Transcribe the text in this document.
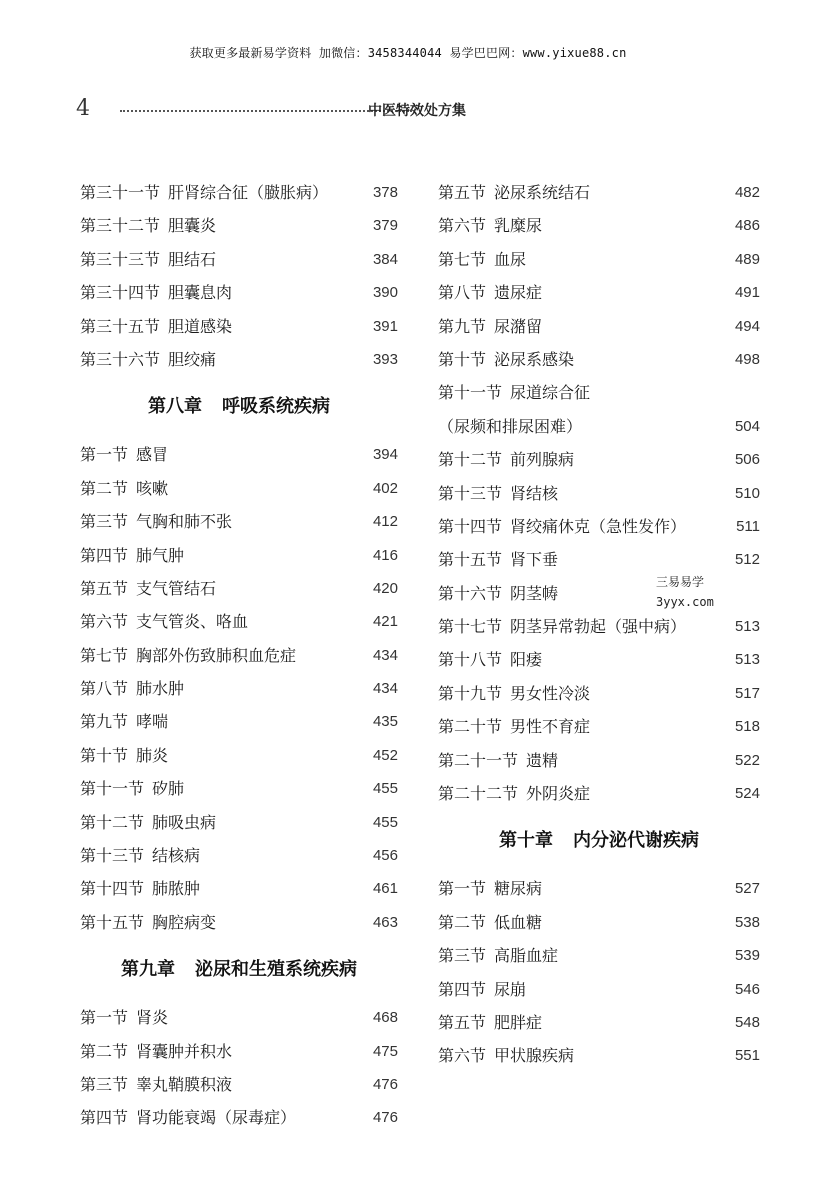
获取更多最新易学资料 加微信：3458344044 易学巴巴网：www.yixue88.cn
4	中医特效处方集
第三十一节 肝肾综合征（臌胀病）	378
第三十二节 胆囊炎	379
第三十三节 胆结石	384
第三十四节 胆囊息肉	390
第三十五节 胆道感染	391
第三十六节 胆绞痛	393
第八章 呼吸系统疾病
第一节 感冒	394
第二节 咳嗽	402
第三节 气胸和肺不张	412
第四节 肺气肿	416
第五节 支气管结石	420
第六节 支气管炎、咯血	421
第七节 胸部外伤致肺积血危症	434
第八节 肺水肿	434
第九节 哮喘	435
第十节 肺炎	452
第十一节 矽肺	455
第十二节 肺吸虫病	455
第十三节 结核病	456
第十四节 肺脓肿	461
第十五节 胸腔病变	463
第九章 泌尿和生殖系统疾病
第一节 肾炎	468
第二节 肾囊肿并积水	475
第三节 睾丸鞘膜积液	476
第四节 肾功能衰竭（尿毒症）	476
第五节 泌尿系统结石	482
第六节 乳糜尿	486
第七节 血尿	489
第八节 遗尿症	491
第九节 尿潴留	494
第十节 泌尿系感染	498
第十一节 尿道综合征
（尿频和排尿困难）	504
第十二节 前列腺病	506
第十三节 肾结核	510
第十四节 肾绞痛休克（急性发作）	511
第十五节 肾下垂	512
第十六节 阴茎帱
第十七节 阴茎异常勃起（强中病）	513
第十八节 阳痿	513
第十九节 男女性冷淡	517
第二十节 男性不育症	518
第二十一节 遗精	522
第二十二节 外阴炎症	524
第十章 内分泌代谢疾病
第一节 糖尿病	527
第二节 低血糖	538
第三节 高脂血症	539
第四节 尿崩	546
第五节 肥胖症	548
第六节 甲状腺疾病	551
三易易学
3yyx.com
